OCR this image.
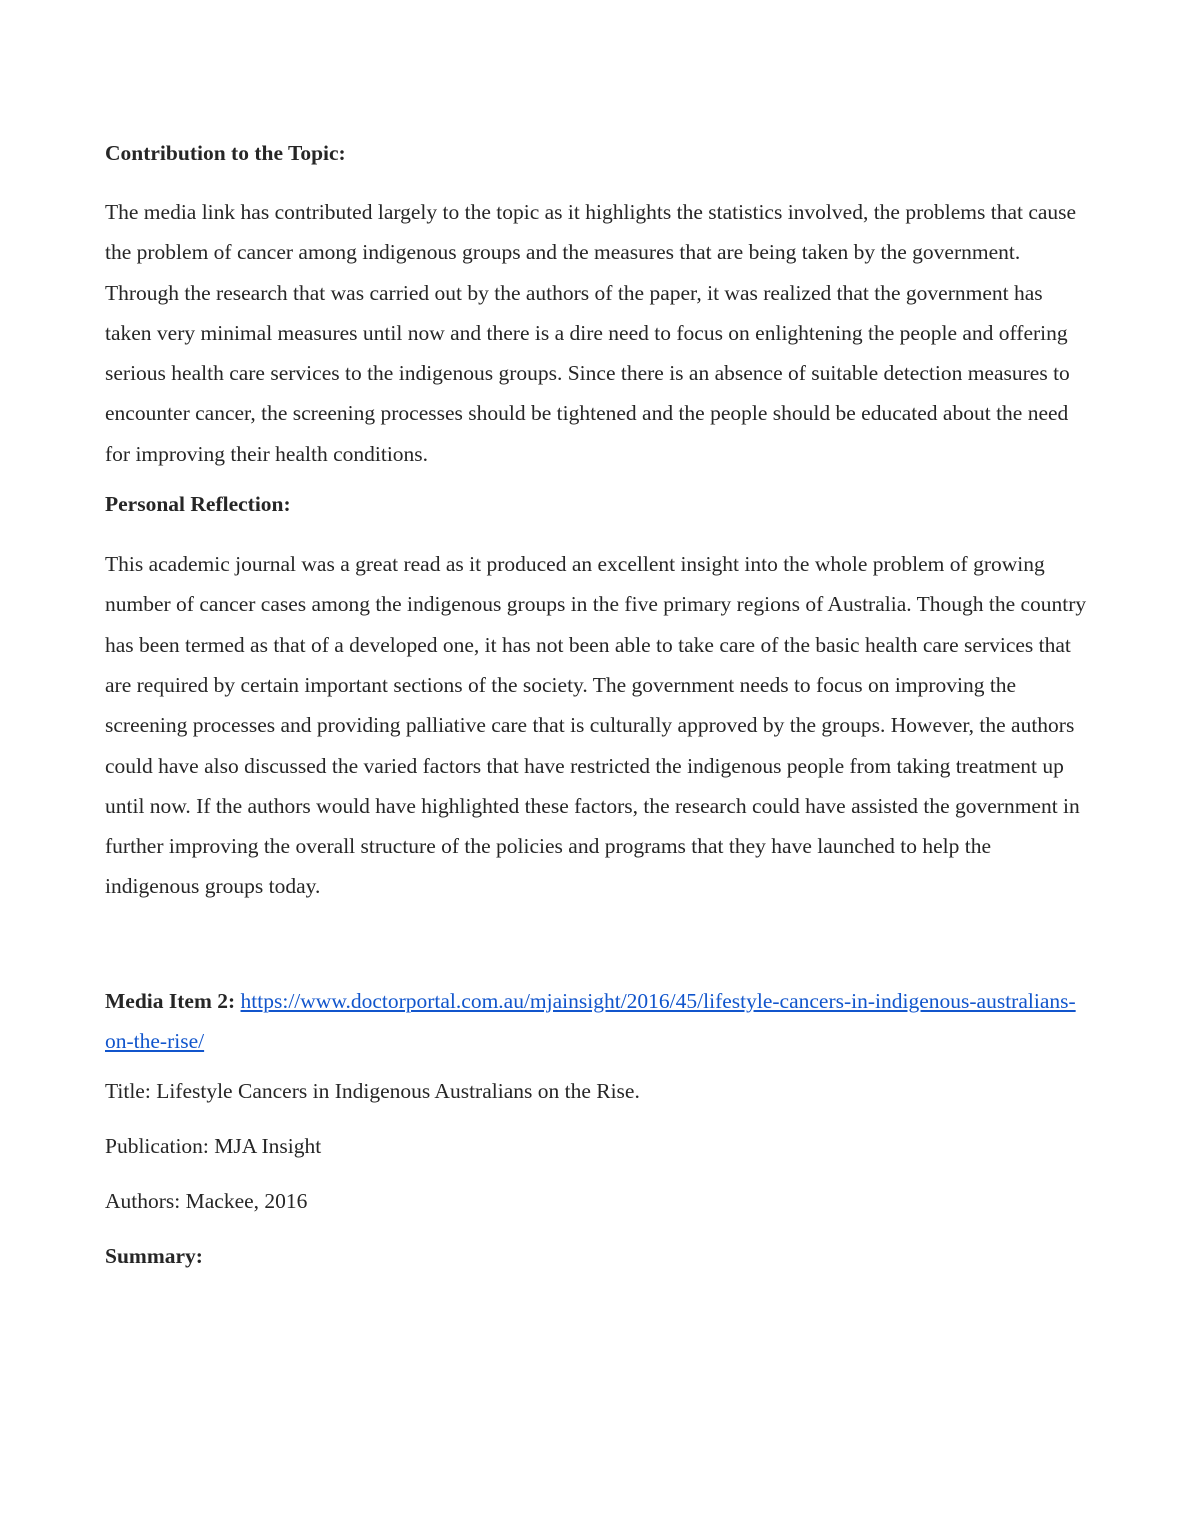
Contribution to the Topic:

The media link has contributed largely to the topic as it highlights the statistics involved, the problems that cause the problem of cancer among indigenous groups and the measures that are being taken by the government. Through the research that was carried out by the authors of the paper, it was realized that the government has taken very minimal measures until now and there is a dire need to focus on enlightening the people and offering serious health care services to the indigenous groups. Since there is an absence of suitable detection measures to encounter cancer, the screening processes should be tightened and the people should be educated about the need for improving their health conditions.

Personal Reflection:

This academic journal was a great read as it produced an excellent insight into the whole problem of growing number of cancer cases among the indigenous groups in the five primary regions of Australia. Though the country has been termed as that of a developed one, it has not been able to take care of the basic health care services that are required by certain important sections of the society. The government needs to focus on improving the screening processes and providing palliative care that is culturally approved by the groups. However, the authors could have also discussed the varied factors that have restricted the indigenous people from taking treatment up until now. If the authors would have highlighted these factors, the research could have assisted the government in further improving the overall structure of the policies and programs that they have launched to help the indigenous groups today.

Media Item 2: https://www.doctorportal.com.au/mjainsight/2016/45/lifestyle-cancers-in-indigenous-australians-on-the-rise/

Title: Lifestyle Cancers in Indigenous Australians on the Rise.

Publication: MJA Insight

Authors: Mackee, 2016

Summary:
